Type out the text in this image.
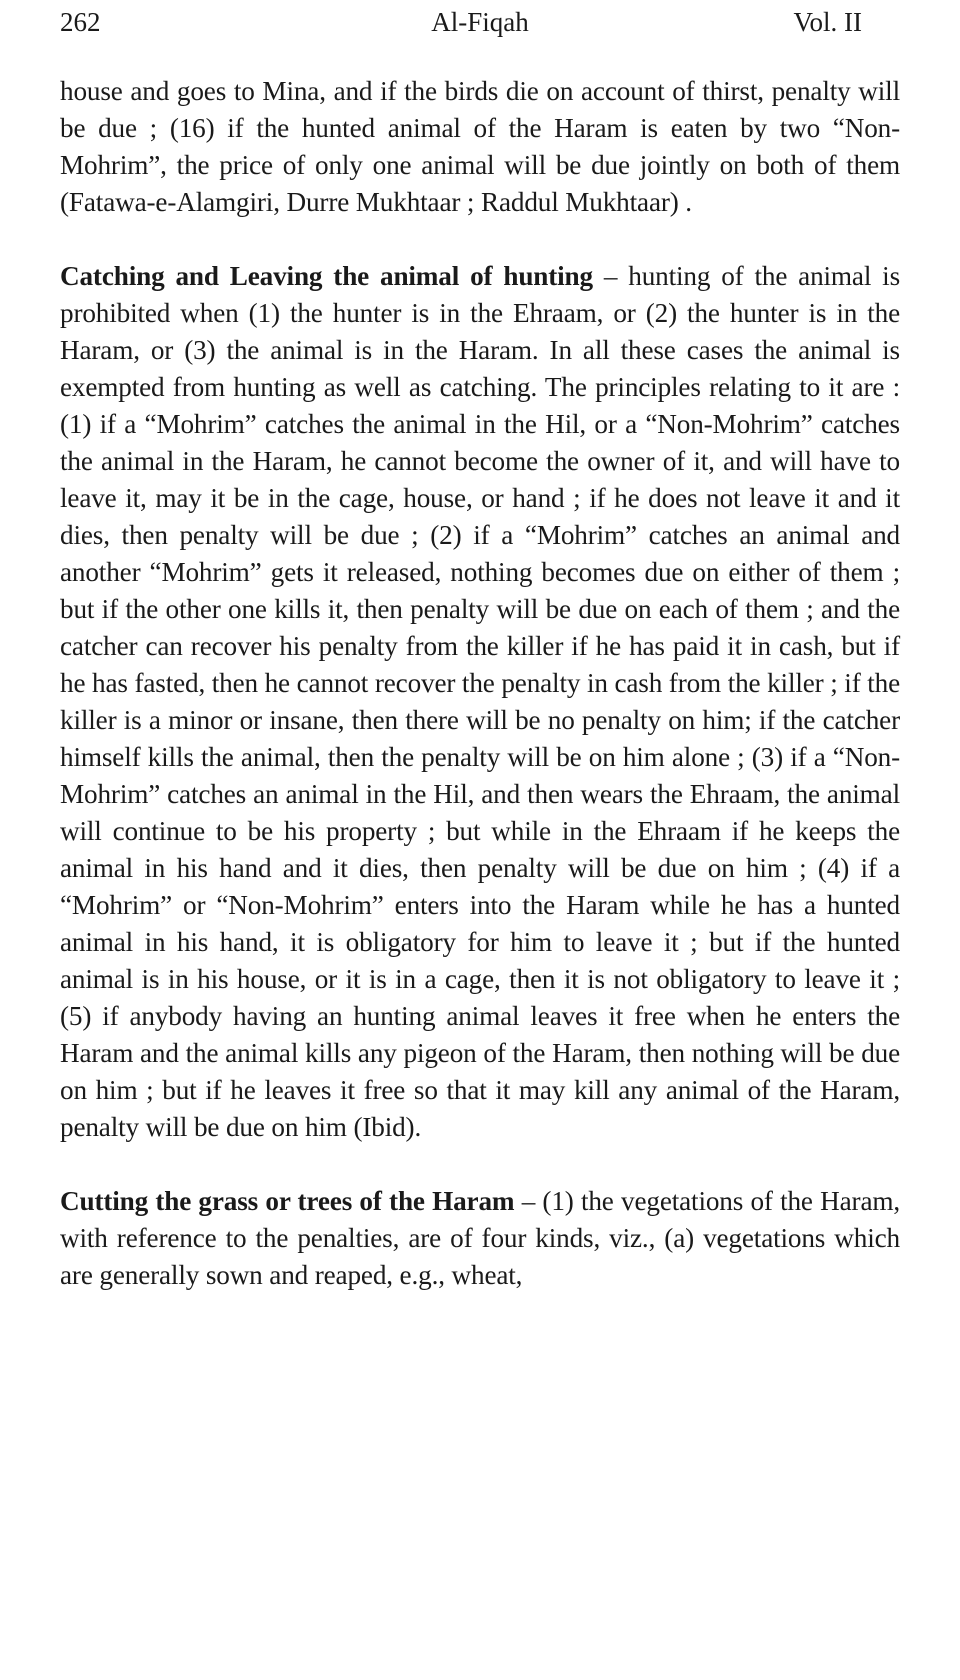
262	Al-Fiqah	Vol. II

house and goes to Mina, and if the birds die on account of thirst, penalty will be due ; (16) if the hunted animal of the Haram is eaten by two “Non-Mohrim”, the price of only one animal will be due jointly on both of them (Fatawa-e-Alamgiri, Durre Mukhtaar ; Raddul Mukhtaar) .

Catching and Leaving the animal of hunting – hunting of the animal is prohibited when (1) the hunter is in the Ehraam, or (2) the hunter is in the Haram, or (3) the animal is in the Haram. In all these cases the animal is exempted from hunting as well as catching. The principles relating to it are : (1) if a “Mohrim” catches the animal in the Hil, or a “Non-Mohrim” catches the animal in the Haram, he cannot become the owner of it, and will have to leave it, may it be in the cage, house, or hand ; if he does not leave it and it dies, then penalty will be due ; (2) if a “Mohrim” catches an animal and another “Mohrim” gets it released, nothing becomes due on either of them ; but if the other one kills it, then penalty will be due on each of them ; and the catcher can recover his penalty from the killer if he has paid it in cash, but if he has fasted, then he cannot recover the penalty in cash from the killer ; if the killer is a minor or insane, then there will be no penalty on him; if the catcher himself kills the animal, then the penalty will be on him alone ; (3) if a “Non-Mohrim” catches an animal in the Hil, and then wears the Ehraam, the animal will continue to be his property ; but while in the Ehraam if he keeps the animal in his hand and it dies, then penalty will be due on him ; (4) if a “Mohrim” or “Non-Mohrim” enters into the Haram while he has a hunted animal in his hand, it is obligatory for him to leave it ; but if the hunted animal is in his house, or it is in a cage, then it is not obligatory to leave it ; (5) if anybody having an hunting animal leaves it free when he enters the Haram and the animal kills any pigeon of the Haram, then nothing will be due on him ; but if he leaves it free so that it may kill any animal of the Haram, penalty will be due on him (Ibid).

Cutting the grass or trees of the Haram – (1) the vegetations of the Haram, with reference to the penalties, are of four kinds, viz., (a) vegetations which are generally sown and reaped, e.g., wheat,
